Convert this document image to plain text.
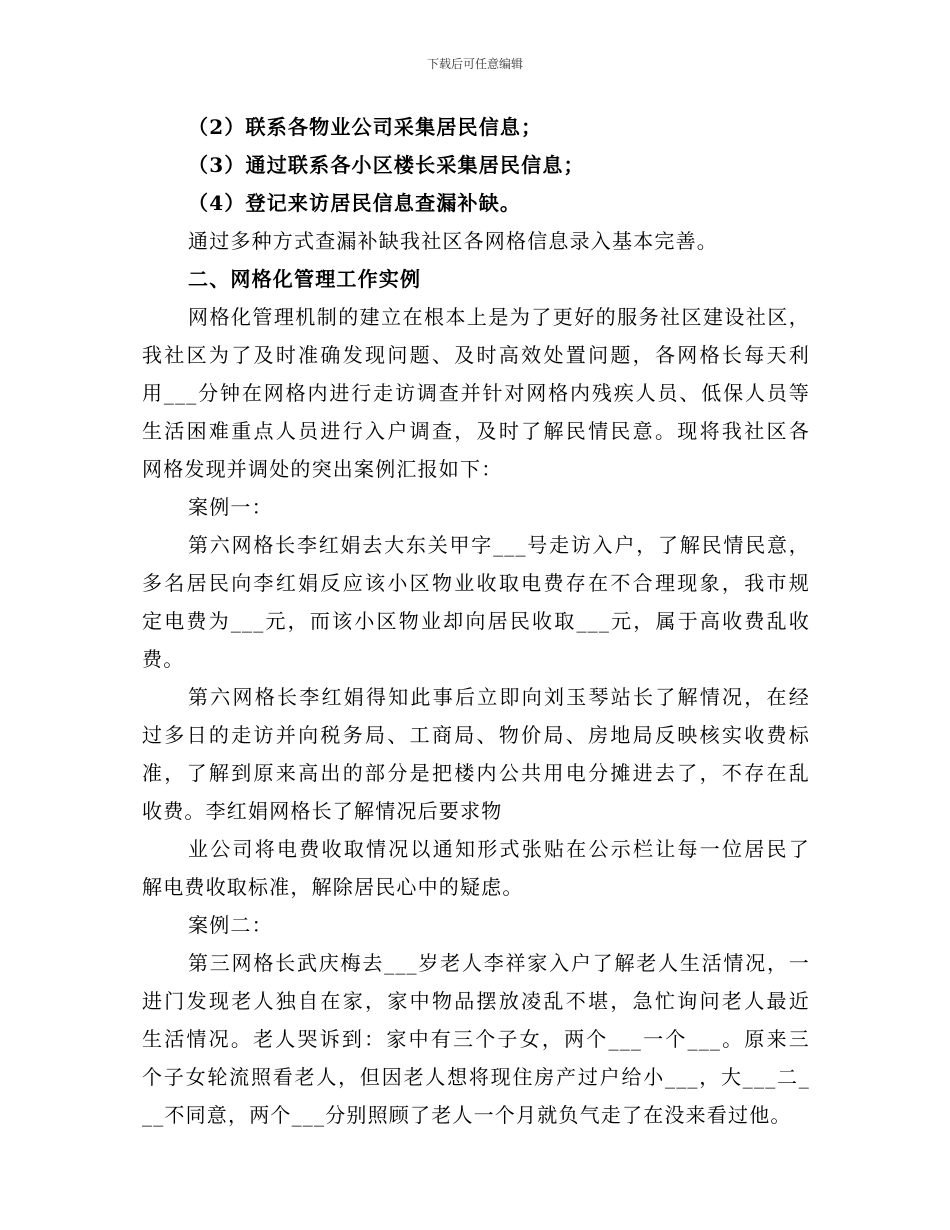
下载后可任意编辑
（2）联系各物业公司采集居民信息；
（3）通过联系各小区楼长采集居民信息；
（4）登记来访居民信息查漏补缺。
通过多种方式查漏补缺我社区各网格信息录入基本完善。
二、网格化管理工作实例
网格化管理机制的建立在根本上是为了更好的服务社区建设社区，
我社区为了及时准确发现问题、及时高效处置问题，各网格长每天利
用___分钟在网格内进行走访调查并针对网格内残疾人员、低保人员等
生活困难重点人员进行入户调查，及时了解民情民意。现将我社区各
网格发现并调处的突出案例汇报如下：
案例一：
第六网格长李红娟去大东关甲字___号走访入户，了解民情民意，
多名居民向李红娟反应该小区物业收取电费存在不合理现象，我市规
定电费为___元，而该小区物业却向居民收取___元，属于高收费乱收
费。
第六网格长李红娟得知此事后立即向刘玉琴站长了解情况，在经
过多日的走访并向税务局、工商局、物价局、房地局反映核实收费标
准，了解到原来高出的部分是把楼内公共用电分摊进去了，不存在乱
收费。李红娟网格长了解情况后要求物
业公司将电费收取情况以通知形式张贴在公示栏让每一位居民了
解电费收取标准，解除居民心中的疑虑。
案例二：
第三网格长武庆梅去___岁老人李祥家入户了解老人生活情况，一
进门发现老人独自在家，家中物品摆放凌乱不堪，急忙询问老人最近
生活情况。老人哭诉到：家中有三个子女，两个___一个___。原来三
个子女轮流照看老人，但因老人想将现住房产过户给小___，大___二_
__不同意，两个___分别照顾了老人一个月就负气走了在没来看过他。
